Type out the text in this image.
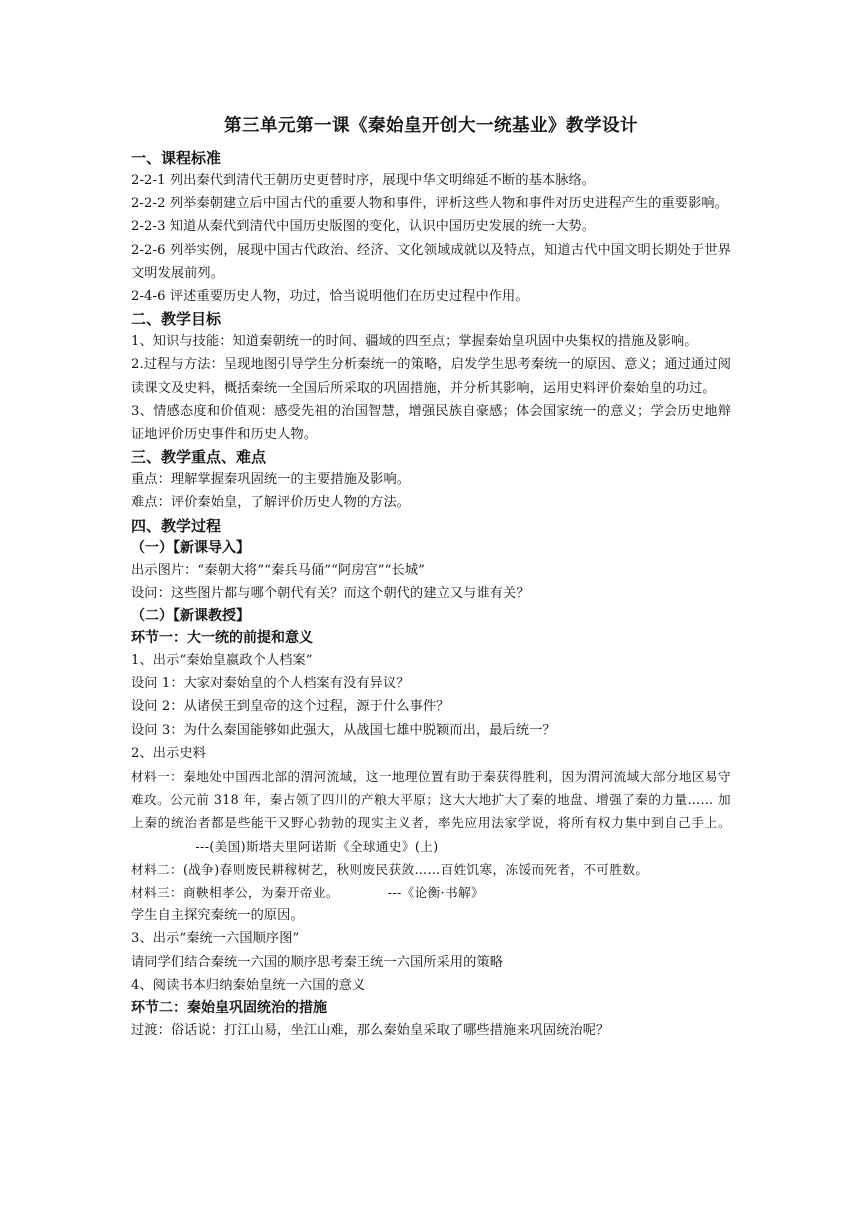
第三单元第一课《秦始皇开创大一统基业》教学设计
一、课程标准
2-2-1 列出秦代到清代王朝历史更替时序，展现中华文明绵延不断的基本脉络。
2-2-2 列举秦朝建立后中国古代的重要人物和事件，评析这些人物和事件对历史进程产生的重要影响。
2-2-3 知道从秦代到清代中国历史版图的变化，认识中国历史发展的统一大势。
2-2-6 列举实例，展现中国古代政治、经济、文化领域成就以及特点，知道古代中国文明长期处于世界文明发展前列。
2-4-6 评述重要历史人物，功过，恰当说明他们在历史过程中作用。
二、教学目标
1、知识与技能：知道秦朝统一的时间、疆域的四至点；掌握秦始皇巩固中央集权的措施及影响。
2.过程与方法：呈现地图引导学生分析秦统一的策略，启发学生思考秦统一的原因、意义；通过通过阅读课文及史料，概括秦统一全国后所采取的巩固措施，并分析其影响，运用史料评价秦始皇的功过。
3、情感态度和价值观：感受先祖的治国智慧，增强民族自豪感；体会国家统一的意义；学会历史地辩证地评价历史事件和历史人物。
三、教学重点、难点
重点：理解掌握秦巩固统一的主要措施及影响。
难点：评价秦始皇，了解评价历史人物的方法。
四、教学过程
（一）【新课导入】
出示图片：“秦朝大将”“秦兵马俑”“阿房宫”“长城”
设问：这些图片都与哪个朝代有关？而这个朝代的建立又与谁有关？
（二）【新课教授】
环节一：大一统的前提和意义
1、出示“秦始皇嬴政个人档案”
设问 1：大家对秦始皇的个人档案有没有异议？
设问 2：从诸侯王到皇帝的这个过程，源于什么事件？
设问 3：为什么秦国能够如此强大，从战国七雄中脱颖而出，最后统一？
2、出示史料
材料一：秦地处中国西北部的渭河流域，这一地理位置有助于秦获得胜利，因为渭河流域大部分地区易守难攻。公元前 318 年，秦占领了四川的产粮大平原；这大大地扩大了秦的地盘、增强了秦的力量…… 加上秦的统治者都是些能干又野心勃勃的现实主义者，率先应用法家学说，将所有权力集中到自己手上。  ---(美国)斯塔夫里阿诺斯《全球通史》(上)
材料二：(战争)春则废民耕稼树艺，秋则废民获敛……百姓饥寒，冻馁而死者，不可胜数。
材料三：商鞅相孝公，为秦开帝业。	---《论衡·书解》
学生自主探究秦统一的原因。
3、出示“秦统一六国顺序图”
请同学们结合秦统一六国的顺序思考秦王统一六国所采用的策略
4、阅读书本归纳秦始皇统一六国的意义
环节二：秦始皇巩固统治的措施
过渡：俗话说：打江山易，坐江山难，那么秦始皇采取了哪些措施来巩固统治呢？
